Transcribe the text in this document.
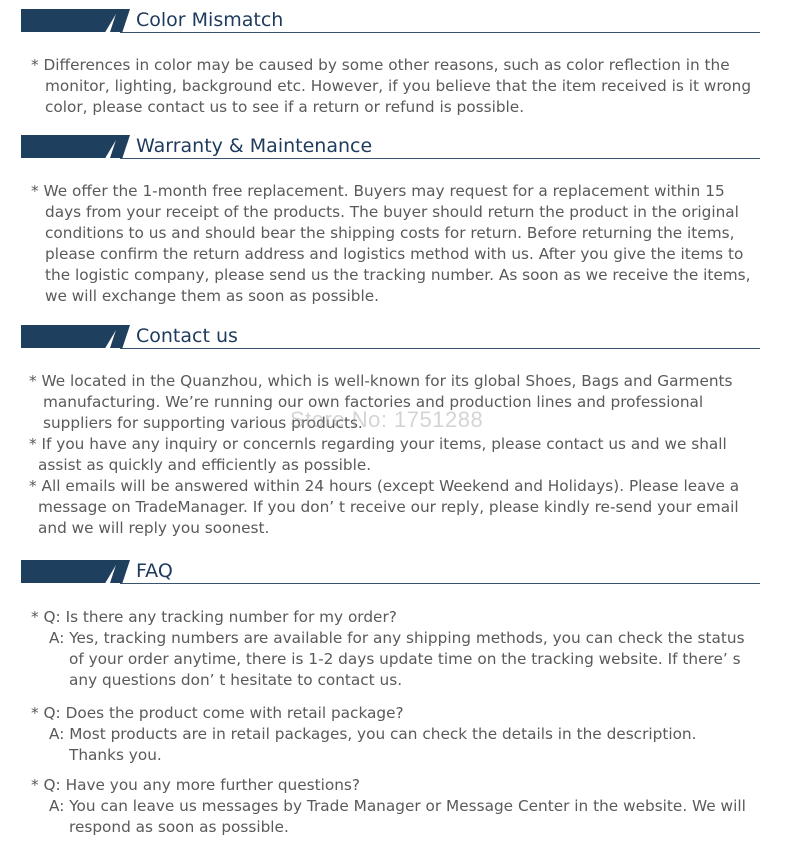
Color Mismatch
* Differences in color may be caused by some other reasons, such as color reflection in the
monitor, lighting, background etc. However, if you believe that the item received is it wrong
color, please contact us to see if a return or refund is possible.
Warranty & Maintenance
* We offer the 1-month free replacement. Buyers may request for a replacement within 15
days from your receipt of the products. The buyer should return the product in the original
conditions to us and should bear the shipping costs for return. Before returning the items,
please confirm the return address and logistics method with us. After you give the items to
the logistic company, please send us the tracking number. As soon as we receive the items,
we will exchange them as soon as possible.
Contact us
* We located in the Quanzhou, which is well-known for its global Shoes, Bags and Garments
manufacturing. We’re running our own factories and production lines and professional
suppliers for supporting various products.
* If you have any inquiry or concernls regarding your items, please contact us and we shall
assist as quickly and efficiently as possible.
* All emails will be answered within 24 hours (except Weekend and Holidays). Please leave a
message on TradeManager. If you don’ t receive our reply, please kindly re-send your email
and we will reply you soonest.
Store No: 1751288
FAQ
* Q: Is there any tracking number for my order?
A: Yes, tracking numbers are available for any shipping methods, you can check the status
of your order anytime, there is 1-2 days update time on the tracking website. If there’ s
any questions don’ t hesitate to contact us.
* Q: Does the product come with retail package?
A: Most products are in retail packages, you can check the details in the description.
Thanks you.
* Q: Have you any more further questions?
A: You can leave us messages by Trade Manager or Message Center in the website. We will
respond as soon as possible.
